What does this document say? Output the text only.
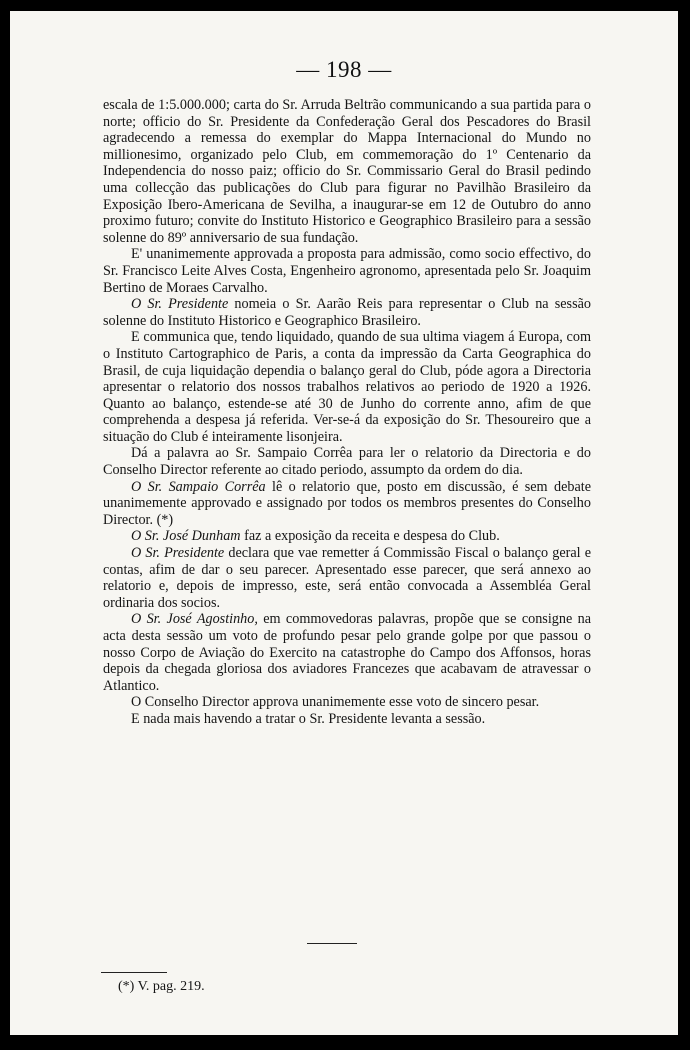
— 198 —

escala de 1:5.000.000; carta do Sr. Arruda Beltrão communicando a sua partida para o norte; officio do Sr. Presidente da Confederação Geral dos Pescadores do Brasil agradecendo a remessa do exemplar do Mappa Internacional do Mundo no millionesimo, organizado pelo Club, em commemoração do 1º Centenario da Independencia do nosso paiz; officio do Sr. Commissario Geral do Brasil pedindo uma collecção das publicações do Club para figurar no Pavilhão Brasileiro da Exposição Ibero-Americana de Sevilha, a inaugurar-se em 12 de Outubro do anno proximo futuro; convite do Instituto Historico e Geographico Brasileiro para a sessão solenne do 89º anniversario de sua fundação.

E' unanimemente approvada a proposta para admissão, como socio effectivo, do Sr. Francisco Leite Alves Costa, Engenheiro agronomo, apresentada pelo Sr. Joaquim Bertino de Moraes Carvalho.

O Sr. Presidente nomeia o Sr. Aarão Reis para representar o Club na sessão solenne do Instituto Historico e Geographico Brasileiro.

E communica que, tendo liquidado, quando de sua ultima viagem á Europa, com o Instituto Cartographico de Paris, a conta da impressão da Carta Geographica do Brasil, de cuja liquidação dependia o balanço geral do Club, póde agora a Directoria apresentar o relatorio dos nossos trabalhos relativos ao periodo de 1920 a 1926. Quanto ao balanço, estende-se até 30 de Junho do corrente anno, afim de que comprehenda a despesa já referida. Ver-se-á da exposição do Sr. Thesoureiro que a situação do Club é inteiramente lisonjeira.

Dá a palavra ao Sr. Sampaio Corrêa para ler o relatorio da Directoria e do Conselho Director referente ao citado periodo, assumpto da ordem do dia.

O Sr. Sampaio Corrêa lê o relatorio que, posto em discussão, é sem debate unanimemente approvado e assignado por todos os membros presentes do Conselho Director. (*)

O Sr. José Dunham faz a exposição da receita e despesa do Club.

O Sr. Presidente declara que vae remetter á Commissão Fiscal o balanço geral e contas, afim de dar o seu parecer. Apresentado esse parecer, que será annexo ao relatorio e, depois de impresso, este, será então convocada a Assembléa Geral ordinaria dos socios.

O Sr. José Agostinho, em commovedoras palavras, propõe que se consigne na acta desta sessão um voto de profundo pesar pelo grande golpe por que passou o nosso Corpo de Aviação do Exercito na catastrophe do Campo dos Affonsos, horas depois da chegada gloriosa dos aviadores Francezes que acabavam de atravessar o Atlantico.

O Conselho Director approva unanimemente esse voto de sincero pesar.

E nada mais havendo a tratar o Sr. Presidente levanta a sessão.

(*) V. pag. 219.
